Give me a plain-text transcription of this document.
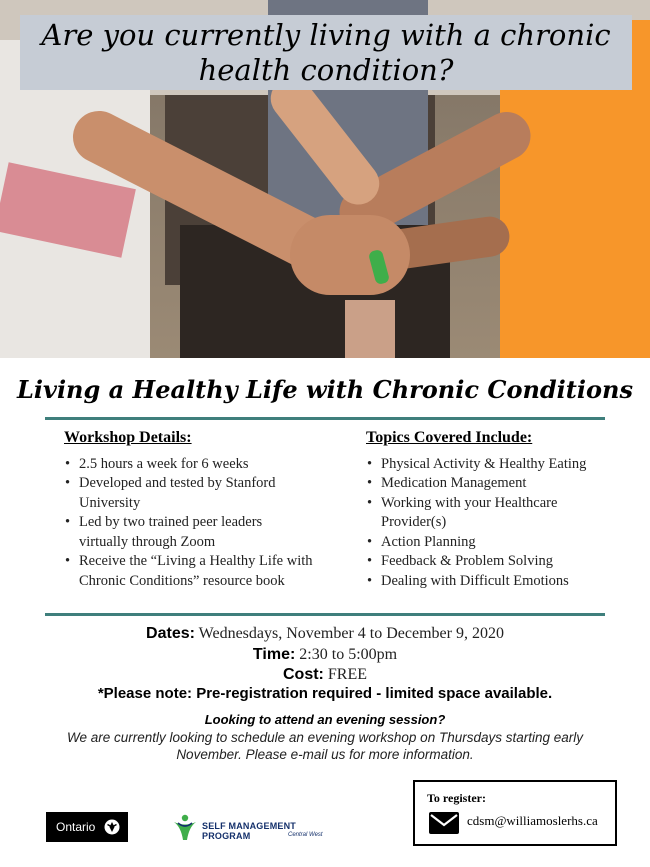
Are you currently living with a chronic
health condition?
Living a Healthy Life with Chronic Conditions
Workshop Details:
• 2.5 hours a week for 6 weeks
• Developed and tested by Stanford University
• Led by two trained peer leaders virtually through Zoom
• Receive the “Living a Healthy Life with Chronic Conditions” resource book
Topics Covered Include:
• Physical Activity & Healthy Eating
• Medication Management
• Working with your Healthcare Provider(s)
• Action Planning
• Feedback & Problem Solving
• Dealing with Difficult Emotions
Dates: Wednesdays, November 4 to December 9, 2020
Time: 2:30 to 5:00pm
Cost: FREE
*Please note: Pre-registration required - limited space available.
Looking to attend an evening session?
We are currently looking to schedule an evening workshop on Thursdays starting early November. Please e-mail us for more information.
Ontario	SELF MANAGEMENT PROGRAM	Central West
To register:
cdsm@williamoslerhs.ca
